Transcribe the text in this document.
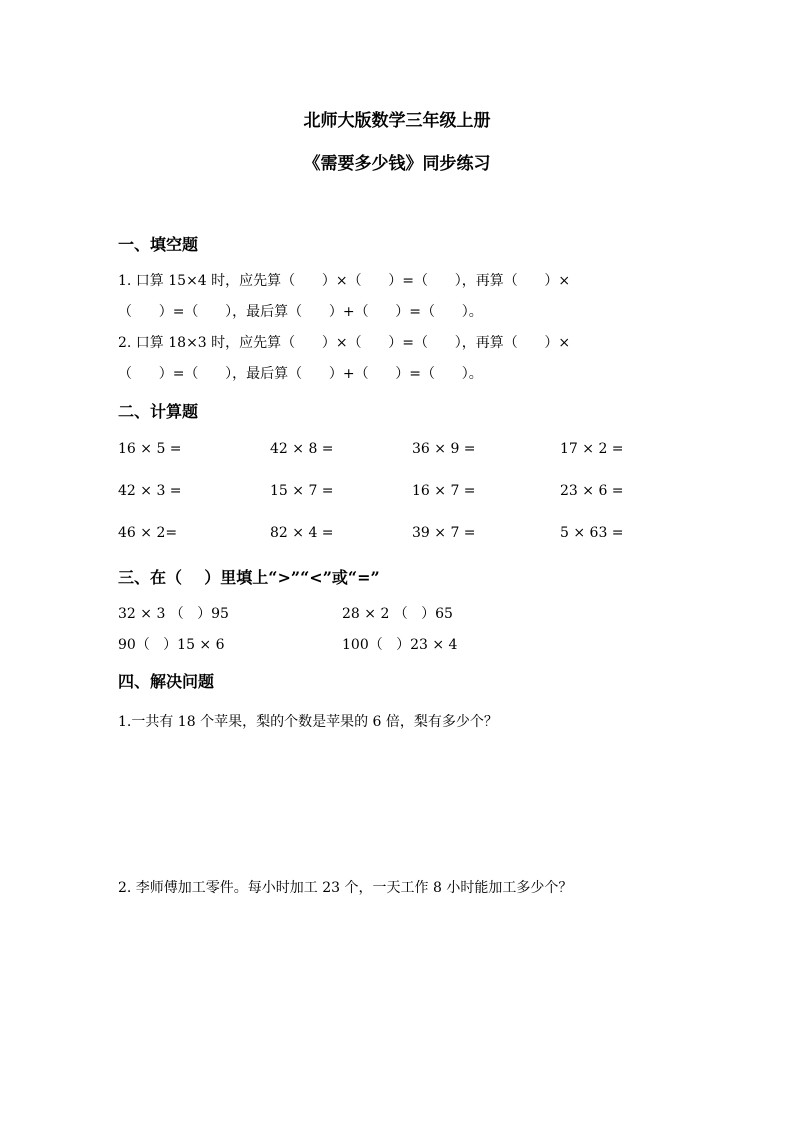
北师大版数学三年级上册
《需要多少钱》同步练习
一、填空题
1. 口算 15×4 时，应先算（      ）×（      ）=（      ），再算（      ）×
（      ）=（      ），最后算（      ）+（      ）=（      ）。
2. 口算 18×3 时，应先算（      ）×（      ）=（      ），再算（      ）×
（      ）=（      ），最后算（      ）+（      ）=（      ）。
二、计算题
16 × 5 =	42 × 8 =	36 × 9 =	17 × 2 =
42 × 3 =	15 × 7 =	16 × 7 =	23 × 6 =
46 × 2=	82 × 4 =	39 × 7 =	5 × 63 =
三、在（    ）里填上“>”“<”或“=”
32 × 3 （   ）95	28 × 2 （   ）65
90（   ）15 × 6	100（   ）23 × 4
四、解决问题
1.一共有 18 个苹果，梨的个数是苹果的 6 倍，梨有多少个？
2. 李师傅加工零件。每小时加工 23 个，一天工作 8 小时能加工多少个？
